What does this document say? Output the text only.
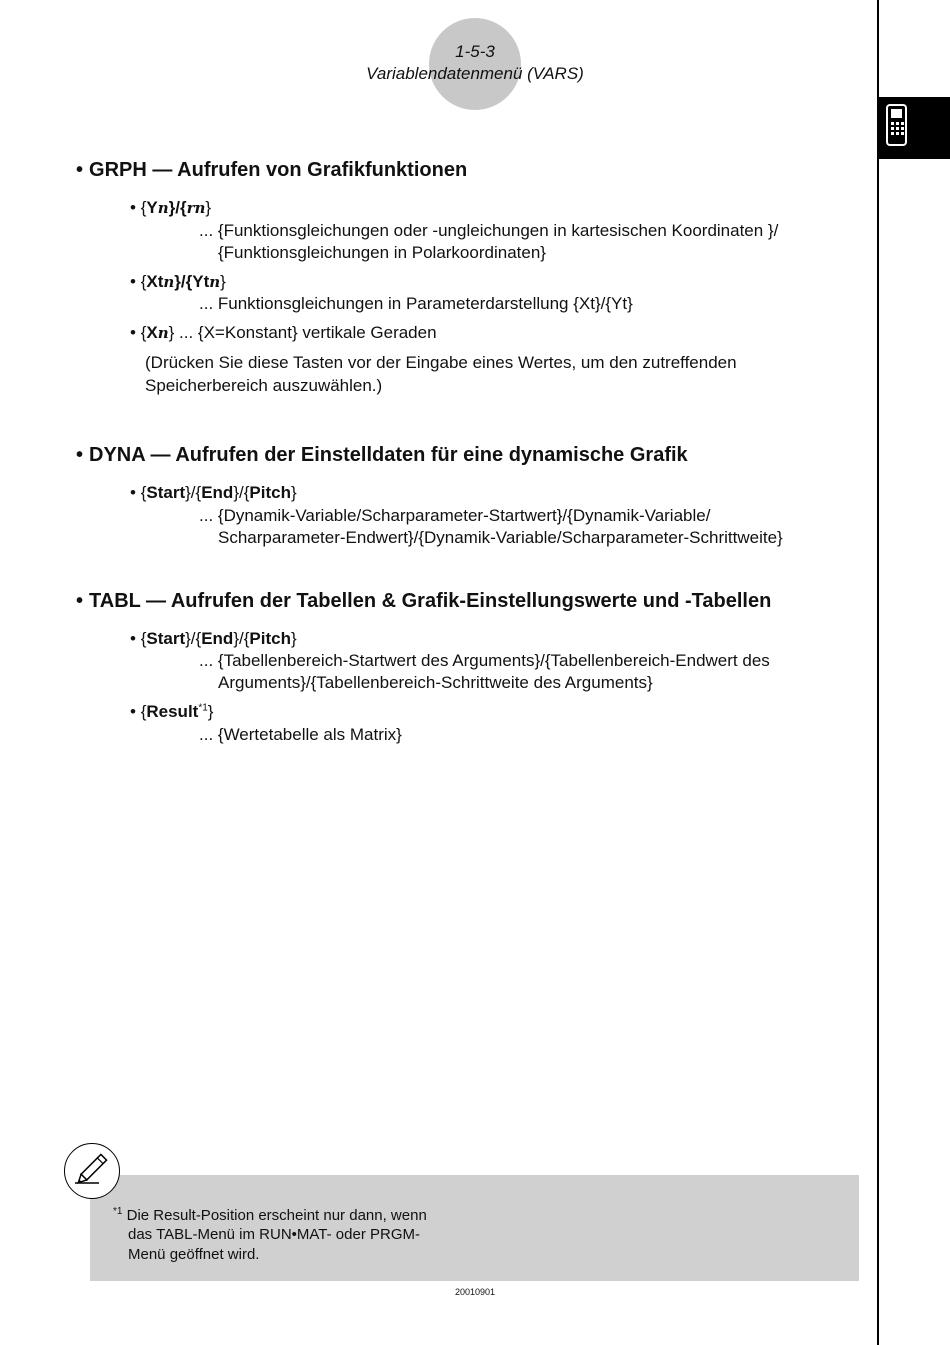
1-5-3
Variablendatenmenü (VARS)
• GRPH — Aufrufen von Grafikfunktionen
• {Yn}/{rn}
... {Funktionsgleichungen oder -ungleichungen in kartesischen Koordinaten }/
{Funktionsgleichungen in Polarkoordinaten}
• {Xtn}/{Ytn}
... Funktionsgleichungen in Parameterdarstellung {Xt}/{Yt}
• {Xn} ... {X=Konstant} vertikale Geraden
(Drücken Sie diese Tasten vor der Eingabe eines Wertes, um den zutreffenden
Speicherbereich auszuwählen.)
• DYNA — Aufrufen der Einstelldaten für eine dynamische Grafik
• {Start}/{End}/{Pitch}
... {Dynamik-Variable/Scharparameter-Startwert}/{Dynamik-Variable/
Scharparameter-Endwert}/{Dynamik-Variable/Scharparameter-Schrittweite}
• TABL — Aufrufen der Tabellen & Grafik-Einstellungswerte und -Tabellen
• {Start}/{End}/{Pitch}
... {Tabellenbereich-Startwert des Arguments}/{Tabellenbereich-Endwert des
Arguments}/{Tabellenbereich-Schrittweite des Arguments}
• {Result$^{*1}$}
... {Wertetabelle als Matrix}
$^{*1}$ Die Result-Position erscheint nur dann, wenn
das TABL-Menü im RUN•MAT- oder PRGM-
Menü geöffnet wird.
20010901
